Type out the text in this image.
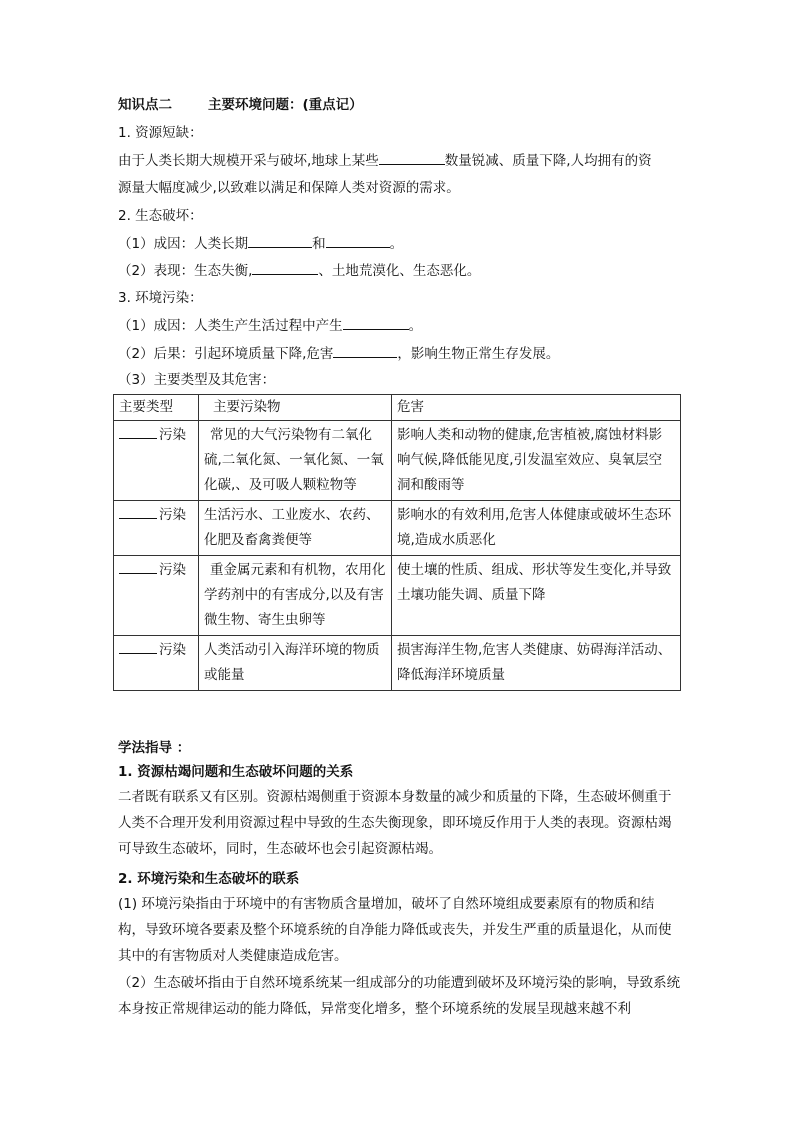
知识点二	主要环境问题：(重点记）
1. 资源短缺：
由于人类长期大规模开采与破坏,地球上某些	数量锐减、质量下降,人均拥有的资
源量大幅度减少,以致难以满足和保障人类对资源的需求。
2. 生态破坏：
（1）成因：人类长期	和	。
（2）表现：生态失衡,	、土地荒漠化、生态恶化。
3. 环境污染：
（1）成因：人类生产生活过程中产生	。
（2）后果：引起环境质量下降,危害	，影响生物正常生存发展。
（3）主要类型及其危害：
主要类型	主要污染物	危害
污染	常见的大气污染物有二氧化硫,二氧化氮、一氧化氮、一氧化碳,、及可吸人颗粒物等	影响人类和动物的健康,危害植被,腐蚀材料影响气候,降低能见度,引发温室效应、臭氧层空洞和酸雨等
污染	生活污水、工业废水、农药、化肥及畜禽粪便等	影响水的有效利用,危害人体健康或破坏生态环境,造成水质恶化
污染	重金属元素和有机物，农用化学药剂中的有害成分,以及有害微生物、寄生虫卵等	使土壤的性质、组成、形状等发生变化,并导致土壤功能失调、质量下降
污染	人类活动引入海洋环境的物质或能量	损害海洋生物,危害人类健康、妨碍海洋活动、降低海洋环境质量
学法指导 ：
1. 资源枯竭问题和生态破坏问题的关系
二者既有联系又有区别。资源枯竭侧重于资源本身数量的减少和质量的下降，生态破坏侧重于人类不合理开发利用资源过程中导致的生态失衡现象，即环境反作用于人类的表现。资源枯竭可导致生态破坏，同时，生态破坏也会引起资源枯竭。
2. 环境污染和生态破坏的联系
(1) 环境污染指由于环境中的有害物质含量增加，破坏了自然环境组成要素原有的物质和结构，导致环境各要素及整个环境系统的自净能力降低或丧失，并发生严重的质量退化，从而使其中的有害物质对人类健康造成危害。
（2）生态破坏指由于自然环境系统某一组成部分的功能遭到破坏及环境污染的影响，导致系统本身按正常规律运动的能力降低，异常变化增多，整个环境系统的发展呈现越来越不利
